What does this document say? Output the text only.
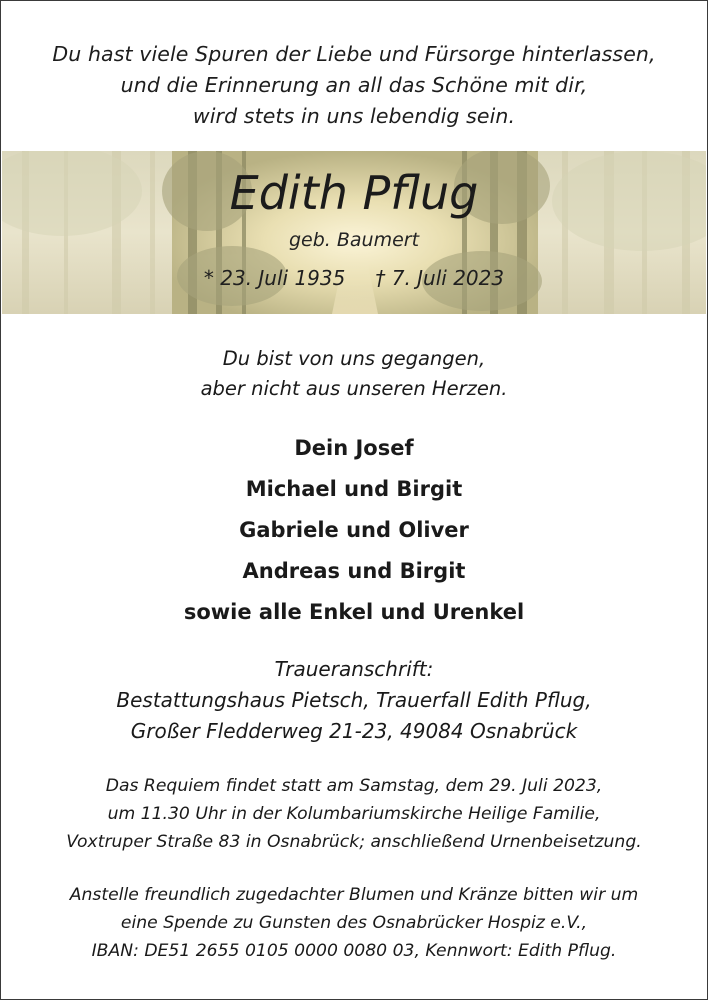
Du hast viele Spuren der Liebe und Fürsorge hinterlassen,
und die Erinnerung an all das Schöne mit dir,
wird stets in uns lebendig sein.
Edith Pflug
geb. Baumert
* 23. Juli 1935 † 7. Juli 2023
Du bist von uns gegangen,
aber nicht aus unseren Herzen.
Dein Josef
Michael und Birgit
Gabriele und Oliver
Andreas und Birgit
sowie alle Enkel und Urenkel
Traueranschrift:
Bestattungshaus Pietsch, Trauerfall Edith Pflug,
Großer Fledderweg 21-23, 49084 Osnabrück
Das Requiem findet statt am Samstag, dem 29. Juli 2023,
um 11.30 Uhr in der Kolumbariumskirche Heilige Familie,
Voxtruper Straße 83 in Osnabrück; anschließend Urnenbeisetzung.
Anstelle freundlich zugedachter Blumen und Kränze bitten wir um
eine Spende zu Gunsten des Osnabrücker Hospiz e.V.,
IBAN: DE51 2655 0105 0000 0080 03, Kennwort: Edith Pflug.
